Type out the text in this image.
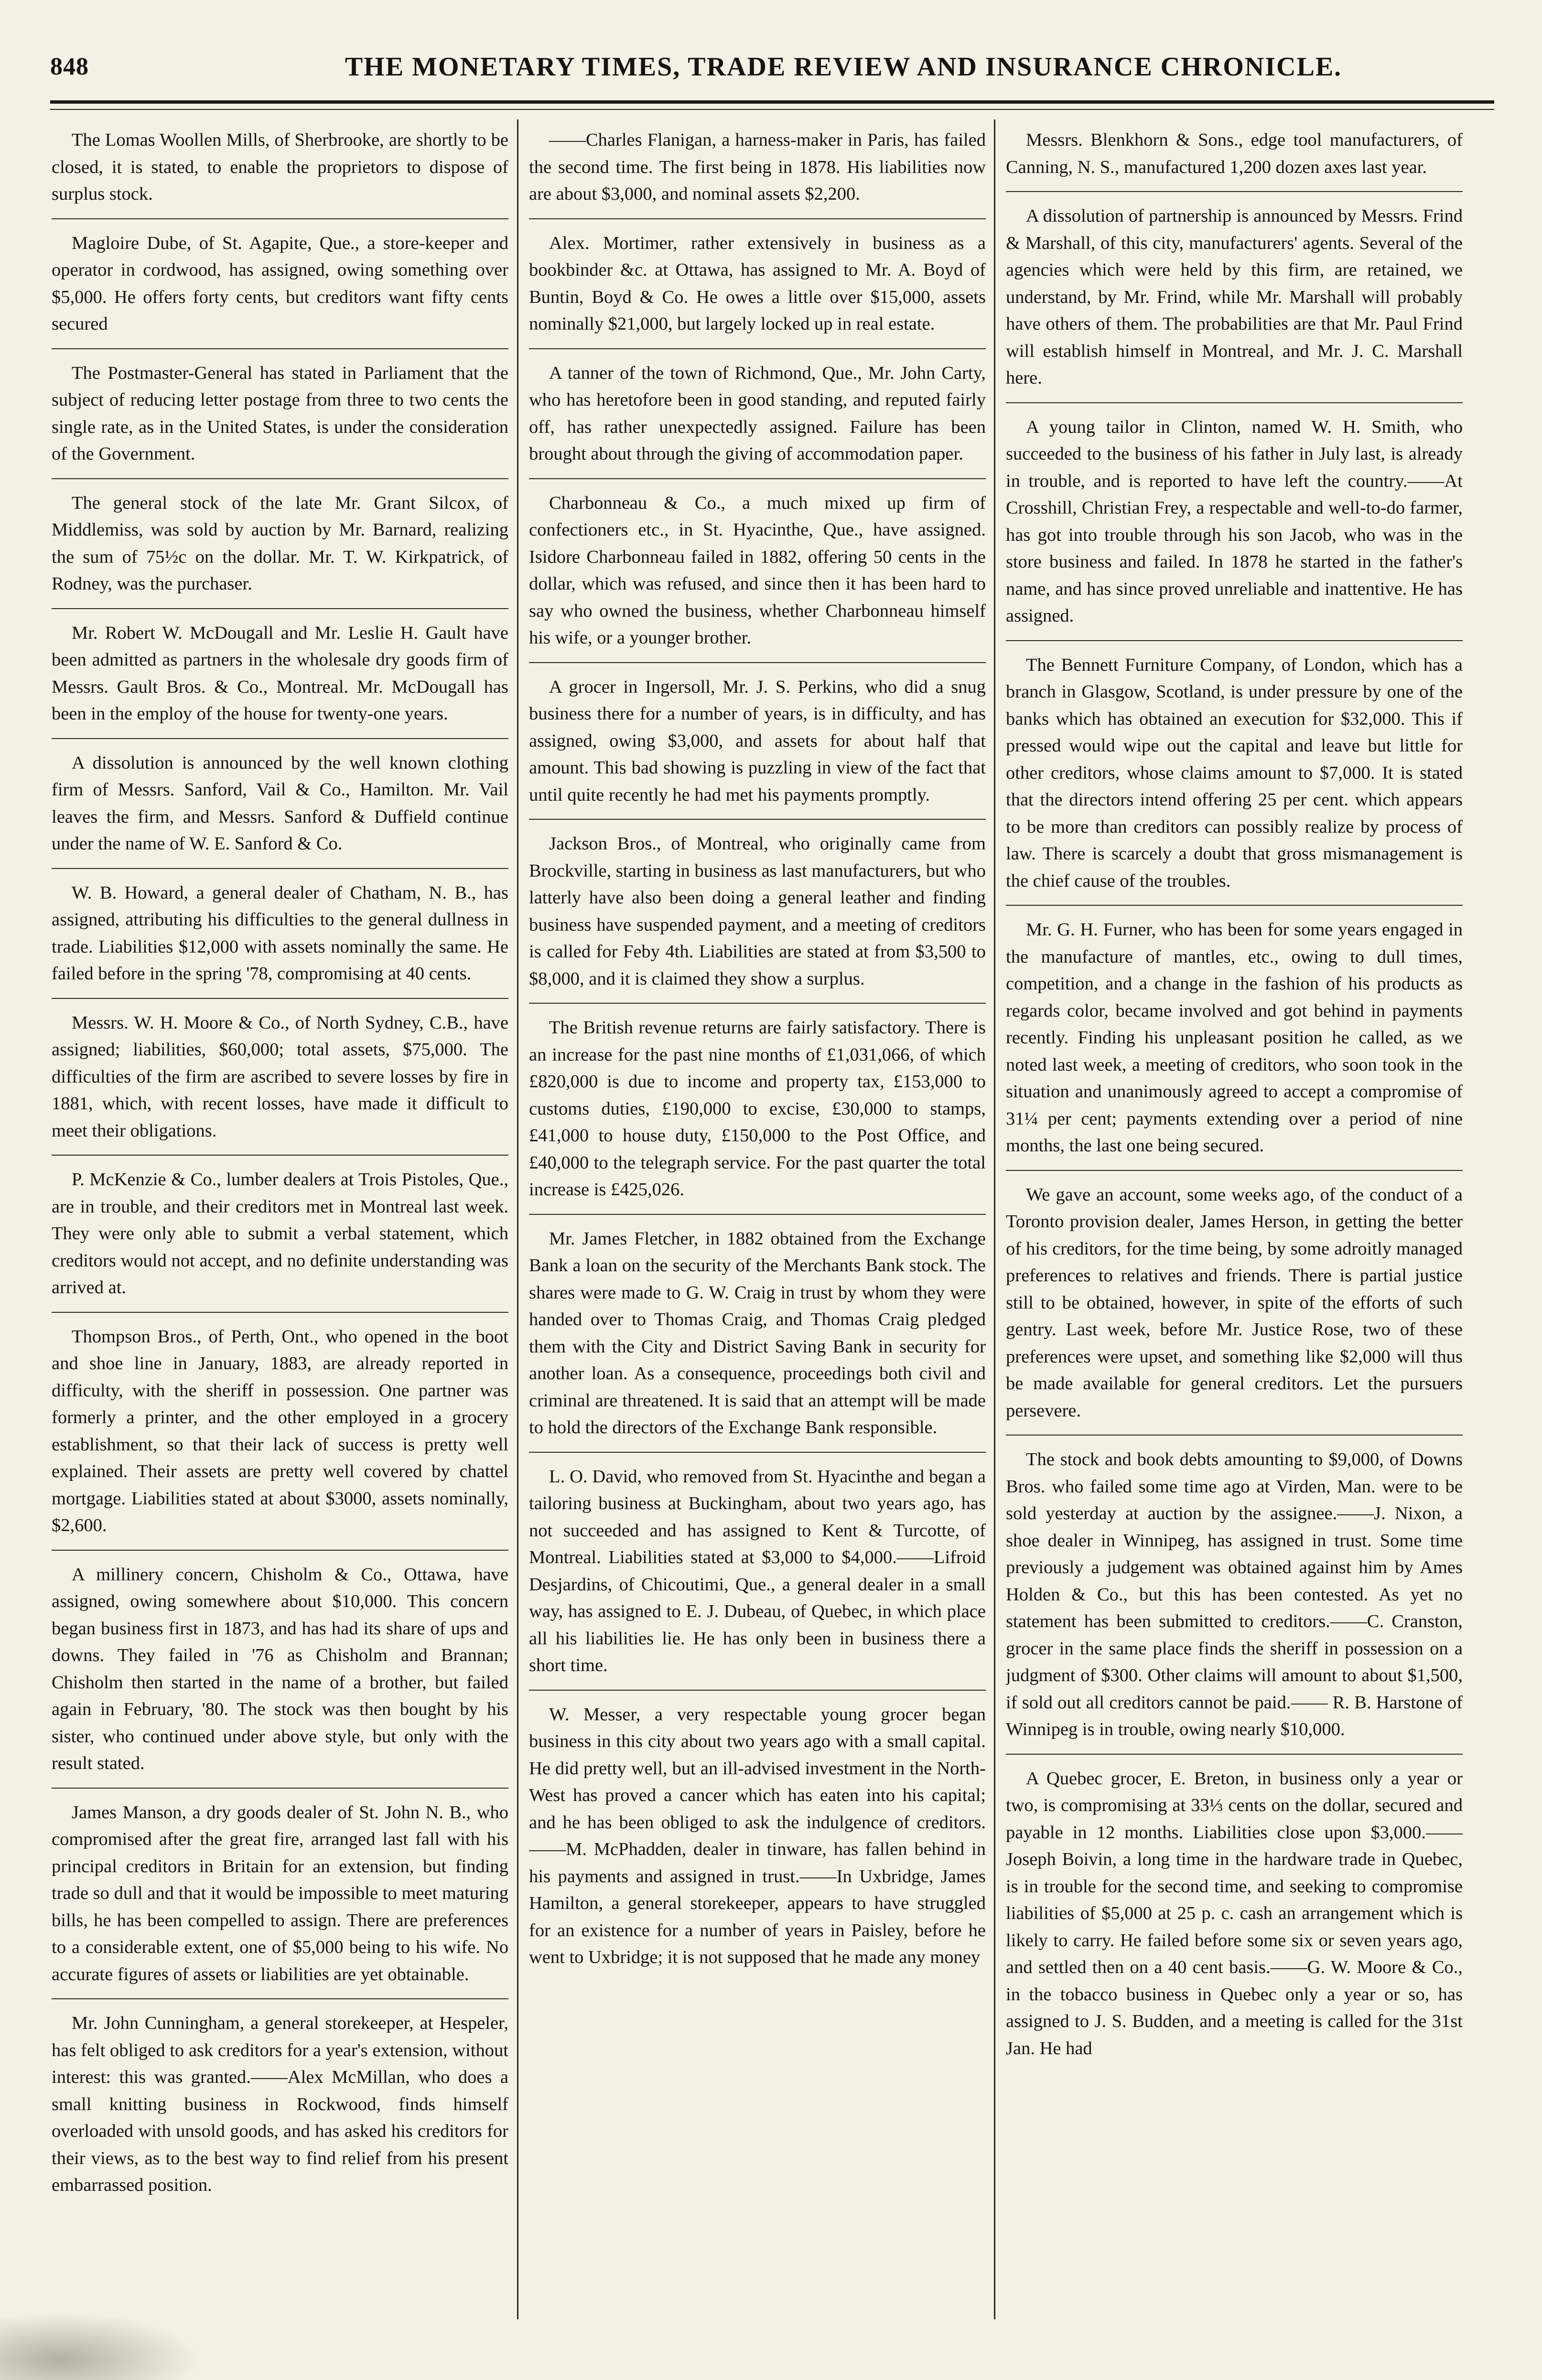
848	THE MONETARY TIMES, TRADE REVIEW AND INSURANCE CHRONICLE.

The Lomas Woollen Mills, of Sherbrooke, are shortly to be closed, it is stated, to enable the proprietors to dispose of surplus stock.

Magloire Dube, of St. Agapite, Que., a store-keeper and operator in cordwood, has assigned, owing something over $5,000. He offers forty cents, but creditors want fifty cents secured

The Postmaster-General has stated in Parliament that the subject of reducing letter postage from three to two cents the single rate, as in the United States, is under the consideration of the Government.

The general stock of the late Mr. Grant Silcox, of Middlemiss, was sold by auction by Mr. Barnard, realizing the sum of 75½c on the dollar. Mr. T. W. Kirkpatrick, of Rodney, was the purchaser.

Mr. Robert W. McDougall and Mr. Leslie H. Gault have been admitted as partners in the wholesale dry goods firm of Messrs. Gault Bros. & Co., Montreal. Mr. McDougall has been in the employ of the house for twenty-one years.

A dissolution is announced by the well known clothing firm of Messrs. Sanford, Vail & Co., Hamilton. Mr. Vail leaves the firm, and Messrs. Sanford & Duffield continue under the name of W. E. Sanford & Co.

W. B. Howard, a general dealer of Chatham, N. B., has assigned, attributing his difficulties to the general dullness in trade. Liabilities $12,000 with assets nominally the same. He failed before in the spring '78, compromising at 40 cents.

Messrs. W. H. Moore & Co., of North Sydney, C.B., have assigned; liabilities, $60,000; total assets, $75,000. The difficulties of the firm are ascribed to severe losses by fire in 1881, which, with recent losses, have made it difficult to meet their obligations.

P. McKenzie & Co., lumber dealers at Trois Pistoles, Que., are in trouble, and their creditors met in Montreal last week. They were only able to submit a verbal statement, which creditors would not accept, and no definite understanding was arrived at.

Thompson Bros., of Perth, Ont., who opened in the boot and shoe line in January, 1883, are already reported in difficulty, with the sheriff in possession. One partner was formerly a printer, and the other employed in a grocery establishment, so that their lack of success is pretty well explained. Their assets are pretty well covered by chattel mortgage. Liabilities stated at about $3000, assets nominally, $2,600.

A millinery concern, Chisholm & Co., Ottawa, have assigned, owing somewhere about $10,000. This concern began business first in 1873, and has had its share of ups and downs. They failed in '76 as Chisholm and Brannan; Chisholm then started in the name of a brother, but failed again in February, '80. The stock was then bought by his sister, who continued under above style, but only with the result stated.

James Manson, a dry goods dealer of St. John N. B., who compromised after the great fire, arranged last fall with his principal creditors in Britain for an extension, but finding trade so dull and that it would be impossible to meet maturing bills, he has been compelled to assign. There are preferences to a considerable extent, one of $5,000 being to his wife. No accurate figures of assets or liabilities are yet obtainable.

Mr. John Cunningham, a general storekeeper, at Hespeler, has felt obliged to ask creditors for a year's extension, without interest: this was granted.——Alex McMillan, who does a small knitting business in Rockwood, finds himself overloaded with unsold goods, and has asked his creditors for their views, as to the best way to find relief from his present embarrassed position.

——Charles Flanigan, a harness-maker in Paris, has failed the second time. The first being in 1878. His liabilities now are about $3,000, and nominal assets $2,200.

Alex. Mortimer, rather extensively in business as a bookbinder &c. at Ottawa, has assigned to Mr. A. Boyd of Buntin, Boyd & Co. He owes a little over $15,000, assets nominally $21,000, but largely locked up in real estate.

A tanner of the town of Richmond, Que., Mr. John Carty, who has heretofore been in good standing, and reputed fairly off, has rather unexpectedly assigned. Failure has been brought about through the giving of accommodation paper.

Charbonneau & Co., a much mixed up firm of confectioners etc., in St. Hyacinthe, Que., have assigned. Isidore Charbonneau failed in 1882, offering 50 cents in the dollar, which was refused, and since then it has been hard to say who owned the business, whether Charbonneau himself his wife, or a younger brother.

A grocer in Ingersoll, Mr. J. S. Perkins, who did a snug business there for a number of years, is in difficulty, and has assigned, owing $3,000, and assets for about half that amount. This bad showing is puzzling in view of the fact that until quite recently he had met his payments promptly.

Jackson Bros., of Montreal, who originally came from Brockville, starting in business as last manufacturers, but who latterly have also been doing a general leather and finding business have suspended payment, and a meeting of creditors is called for Feby 4th. Liabilities are stated at from $3,500 to $8,000, and it is claimed they show a surplus.

The British revenue returns are fairly satisfactory. There is an increase for the past nine months of £1,031,066, of which £820,000 is due to income and property tax, £153,000 to customs duties, £190,000 to excise, £30,000 to stamps, £41,000 to house duty, £150,000 to the Post Office, and £40,000 to the telegraph service. For the past quarter the total increase is £425,026.

Mr. James Fletcher, in 1882 obtained from the Exchange Bank a loan on the security of the Merchants Bank stock. The shares were made to G. W. Craig in trust by whom they were handed over to Thomas Craig, and Thomas Craig pledged them with the City and District Saving Bank in security for another loan. As a consequence, proceedings both civil and criminal are threatened. It is said that an attempt will be made to hold the directors of the Exchange Bank responsible.

L. O. David, who removed from St. Hyacinthe and began a tailoring business at Buckingham, about two years ago, has not succeeded and has assigned to Kent & Turcotte, of Montreal. Liabilities stated at $3,000 to $4,000.——Lifroid Desjardins, of Chicoutimi, Que., a general dealer in a small way, has assigned to E. J. Dubeau, of Quebec, in which place all his liabilities lie. He has only been in business there a short time.

W. Messer, a very respectable young grocer began business in this city about two years ago with a small capital. He did pretty well, but an ill-advised investment in the North-West has proved a cancer which has eaten into his capital; and he has been obliged to ask the indulgence of creditors. ——M. McPhadden, dealer in tinware, has fallen behind in his payments and assigned in trust.——In Uxbridge, James Hamilton, a general storekeeper, appears to have struggled for an existence for a number of years in Paisley, before he went to Uxbridge; it is not supposed that he made any money

Messrs. Blenkhorn & Sons., edge tool manufacturers, of Canning, N. S., manufactured 1,200 dozen axes last year.

A dissolution of partnership is announced by Messrs. Frind & Marshall, of this city, manufacturers' agents. Several of the agencies which were held by this firm, are retained, we understand, by Mr. Frind, while Mr. Marshall will probably have others of them. The probabilities are that Mr. Paul Frind will establish himself in Montreal, and Mr. J. C. Marshall here.

A young tailor in Clinton, named W. H. Smith, who succeeded to the business of his father in July last, is already in trouble, and is reported to have left the country.——At Crosshill, Christian Frey, a respectable and well-to-do farmer, has got into trouble through his son Jacob, who was in the store business and failed. In 1878 he started in the father's name, and has since proved unreliable and inattentive. He has assigned.

The Bennett Furniture Company, of London, which has a branch in Glasgow, Scotland, is under pressure by one of the banks which has obtained an execution for $32,000. This if pressed would wipe out the capital and leave but little for other creditors, whose claims amount to $7,000. It is stated that the directors intend offering 25 per cent. which appears to be more than creditors can possibly realize by process of law. There is scarcely a doubt that gross mismanagement is the chief cause of the troubles.

Mr. G. H. Furner, who has been for some years engaged in the manufacture of mantles, etc., owing to dull times, competition, and a change in the fashion of his products as regards color, became involved and got behind in payments recently. Finding his unpleasant position he called, as we noted last week, a meeting of creditors, who soon took in the situation and unanimously agreed to accept a compromise of 31¼ per cent; payments extending over a period of nine months, the last one being secured.

We gave an account, some weeks ago, of the conduct of a Toronto provision dealer, James Herson, in getting the better of his creditors, for the time being, by some adroitly managed preferences to relatives and friends. There is partial justice still to be obtained, however, in spite of the efforts of such gentry. Last week, before Mr. Justice Rose, two of these preferences were upset, and something like $2,000 will thus be made available for general creditors. Let the pursuers persevere.

The stock and book debts amounting to $9,000, of Downs Bros. who failed some time ago at Virden, Man. were to be sold yesterday at auction by the assignee.——J. Nixon, a shoe dealer in Winnipeg, has assigned in trust. Some time previously a judgement was obtained against him by Ames Holden & Co., but this has been contested. As yet no statement has been submitted to creditors.——C. Cranston, grocer in the same place finds the sheriff in possession on a judgment of $300. Other claims will amount to about $1,500, if sold out all creditors cannot be paid.—— R. B. Harstone of Winnipeg is in trouble, owing nearly $10,000.

A Quebec grocer, E. Breton, in business only a year or two, is compromising at 33⅓ cents on the dollar, secured and payable in 12 months. Liabilities close upon $3,000.——Joseph Boivin, a long time in the hardware trade in Quebec, is in trouble for the second time, and seeking to compromise liabilities of $5,000 at 25 p. c. cash an arrangement which is likely to carry. He failed before some six or seven years ago, and settled then on a 40 cent basis.——G. W. Moore & Co., in the tobacco business in Quebec only a year or so, has assigned to J. S. Budden, and a meeting is called for the 31st Jan. He had
